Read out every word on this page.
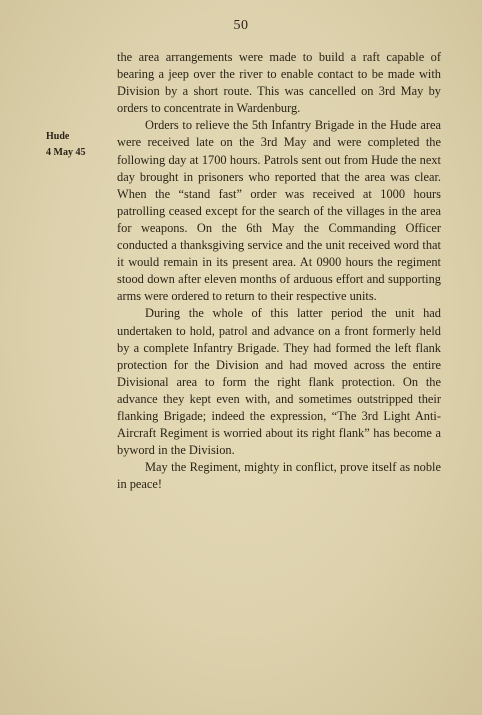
50
Hude
4 May 45

the area arrangements were made to build a raft capable of bearing a jeep over the river to enable contact to be made with Division by a short route. This was cancelled on 3rd May by orders to concentrate in Wardenburg.

Orders to relieve the 5th Infantry Brigade in the Hude area were received late on the 3rd May and were completed the following day at 1700 hours. Patrols sent out from Hude the next day brought in prisoners who reported that the area was clear. When the “stand fast” order was received at 1000 hours patrolling ceased except for the search of the villages in the area for weapons. On the 6th May the Commanding Officer conducted a thanksgiving service and the unit received word that it would remain in its present area. At 0900 hours the regiment stood down after eleven months of arduous effort and supporting arms were ordered to return to their respective units.

During the whole of this latter period the unit had undertaken to hold, patrol and advance on a front formerly held by a complete Infantry Brigade. They had formed the left flank protection for the Division and had moved across the entire Divisional area to form the right flank protection. On the advance they kept even with, and sometimes outstripped their flanking Brigade; indeed the expression, “The 3rd Light Anti-Aircraft Regiment is worried about its right flank” has become a byword in the Division.

May the Regiment, mighty in conflict, prove itself as noble in peace!
